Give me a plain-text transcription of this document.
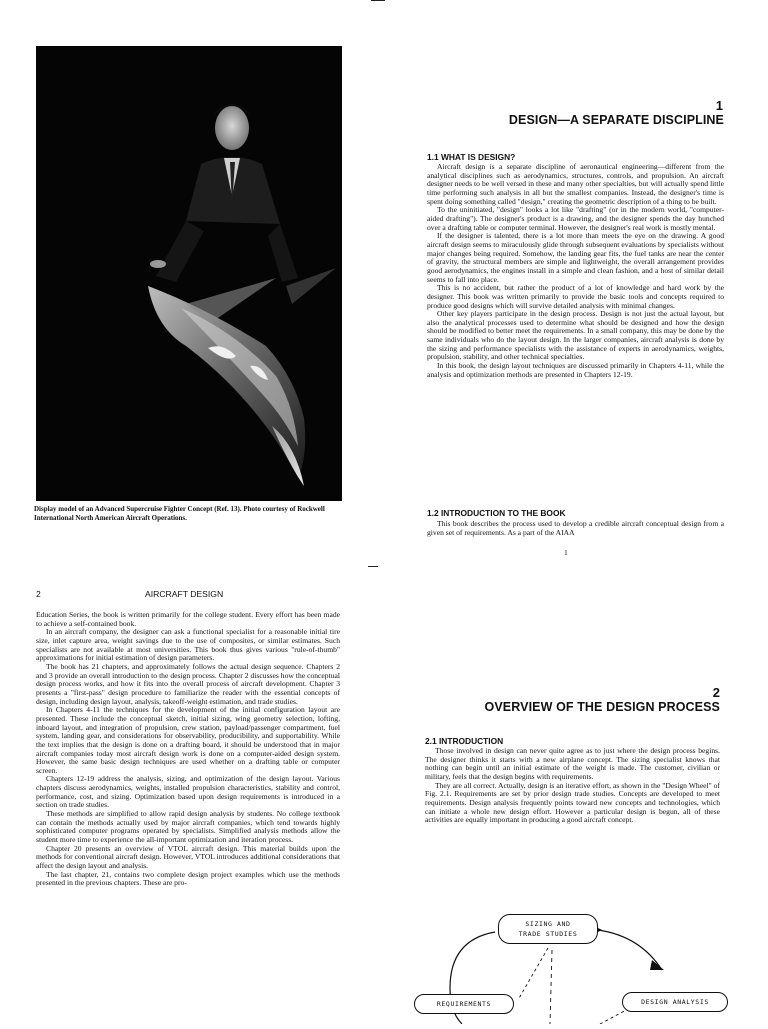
Display model of an Advanced Supercruise Fighter Concept (Ref. 13). Photo courtesy of Rockwell International North American Aircraft Operations.

1
DESIGN—A SEPARATE DISCIPLINE
1.1 WHAT IS DESIGN?

Aircraft design is a separate discipline of aeronautical engineering—different from the analytical disciplines such as aerodynamics, structures, controls, and propulsion. An aircraft designer needs to be well versed in these and many other specialties, but will actually spend little time performing such analysis in all but the smallest companies. Instead, the designer's time is spent doing something called "design," creating the geometric description of a thing to be built.

To the uninitiated, "design" looks a lot like "drafting" (or in the modern world, "computer-aided drafting"). The designer's product is a drawing, and the designer spends the day hunched over a drafting table or computer terminal. However, the designer's real work is mostly mental.

If the designer is talented, there is a lot more than meets the eye on the drawing. A good aircraft design seems to miraculously glide through subsequent evaluations by specialists without major changes being required. Somehow, the landing gear fits, the fuel tanks are near the center of gravity, the structural members are simple and lightweight, the overall arrangement provides good aerodynamics, the engines install in a simple and clean fashion, and a host of similar detail seems to fall into place.

This is no accident, but rather the product of a lot of knowledge and hard work by the designer. This book was written primarily to provide the basic tools and concepts required to produce good designs which will survive detailed analysis with minimal changes.

Other key players participate in the design process. Design is not just the actual layout, but also the analytical processes used to determine what should be designed and how the design should be modified to better meet the requirements. In a small company, this may be done by the same individuals who do the layout design. In the larger companies, aircraft analysis is done by the sizing and performance specialists with the assistance of experts in aerodynamics, weights, propulsion, stability, and other technical specialties.

In this book, the design layout techniques are discussed primarily in Chapters 4-11, while the analysis and optimization methods are presented in Chapters 12-19.

1.2 INTRODUCTION TO THE BOOK

This book describes the process used to develop a credible aircraft conceptual design from a given set of requirements. As a part of the AIAA

1
2	AIRCRAFT DESIGN

Education Series, the book is written primarily for the college student. Every effort has been made to achieve a self-contained book.

In an aircraft company, the designer can ask a functional specialist for a reasonable initial tire size, inlet capture area, weight savings due to the use of composites, or similar estimates. Such specialists are not available at most universities. This book thus gives various "rule-of-thumb" approximations for initial estimation of design parameters.

The book has 21 chapters, and approximately follows the actual design sequence. Chapters 2 and 3 provide an overall introduction to the design process. Chapter 2 discusses how the conceptual design process works, and how it fits into the overall process of aircraft development. Chapter 3 presents a "first-pass" design procedure to familiarize the reader with the essential concepts of design, including design layout, analysis, takeoff-weight estimation, and trade studies.

In Chapters 4-11 the techniques for the development of the initial configuration layout are presented. These include the conceptual sketch, initial sizing, wing geometry selection, lofting, inboard layout, and integration of propulsion, crew station, payload/passenger compartment, fuel system, landing gear, and considerations for observability, producibility, and supportability. While the text implies that the design is done on a drafting board, it should be understood that in major aircraft companies today most aircraft design work is done on a computer-aided design system. However, the same basic design techniques are used whether on a drafting table or computer screen.

Chapters 12-19 address the analysis, sizing, and optimization of the design layout. Various chapters discuss aerodynamics, weights, installed propulsion characteristics, stability and control, performance, cost, and sizing. Optimization based upon design requirements is introduced in a section on trade studies.

These methods are simplified to allow rapid design analysis by students. No college textbook can contain the methods actually used by major aircraft companies, which tend towards highly sophisticated computer programs operated by specialists. Simplified analysis methods allow the student more time to experience the all-important optimization and iteration process.

Chapter 20 presents an overview of VTOL aircraft design. This material builds upon the methods for conventional aircraft design. However, VTOL introduces additional considerations that affect the design layout and analysis.

The last chapter, 21, contains two complete design project examples which use the methods presented in the previous chapters. These are pro-

2
OVERVIEW OF THE DESIGN PROCESS
2.1 INTRODUCTION

Those involved in design can never quite agree as to just where the design process begins. The designer thinks it starts with a new airplane concept. The sizing specialist knows that nothing can begin until an initial estimate of the weight is made. The customer, civilian or military, feels that the design begins with requirements.

They are all correct. Actually, design is an iterative effort, as shown in the "Design Wheel" of Fig. 2.1. Requirements are set by prior design trade studies. Concepts are developed to meet requirements. Design analysis frequently points toward new concepts and technologies, which can initiate a whole new design effort. However a particular design is begun, all of these activities are equally important in producing a good aircraft concept.

SIZING AND
TRADE STUDIES
REQUIREMENTS	DESIGN ANALYSIS
